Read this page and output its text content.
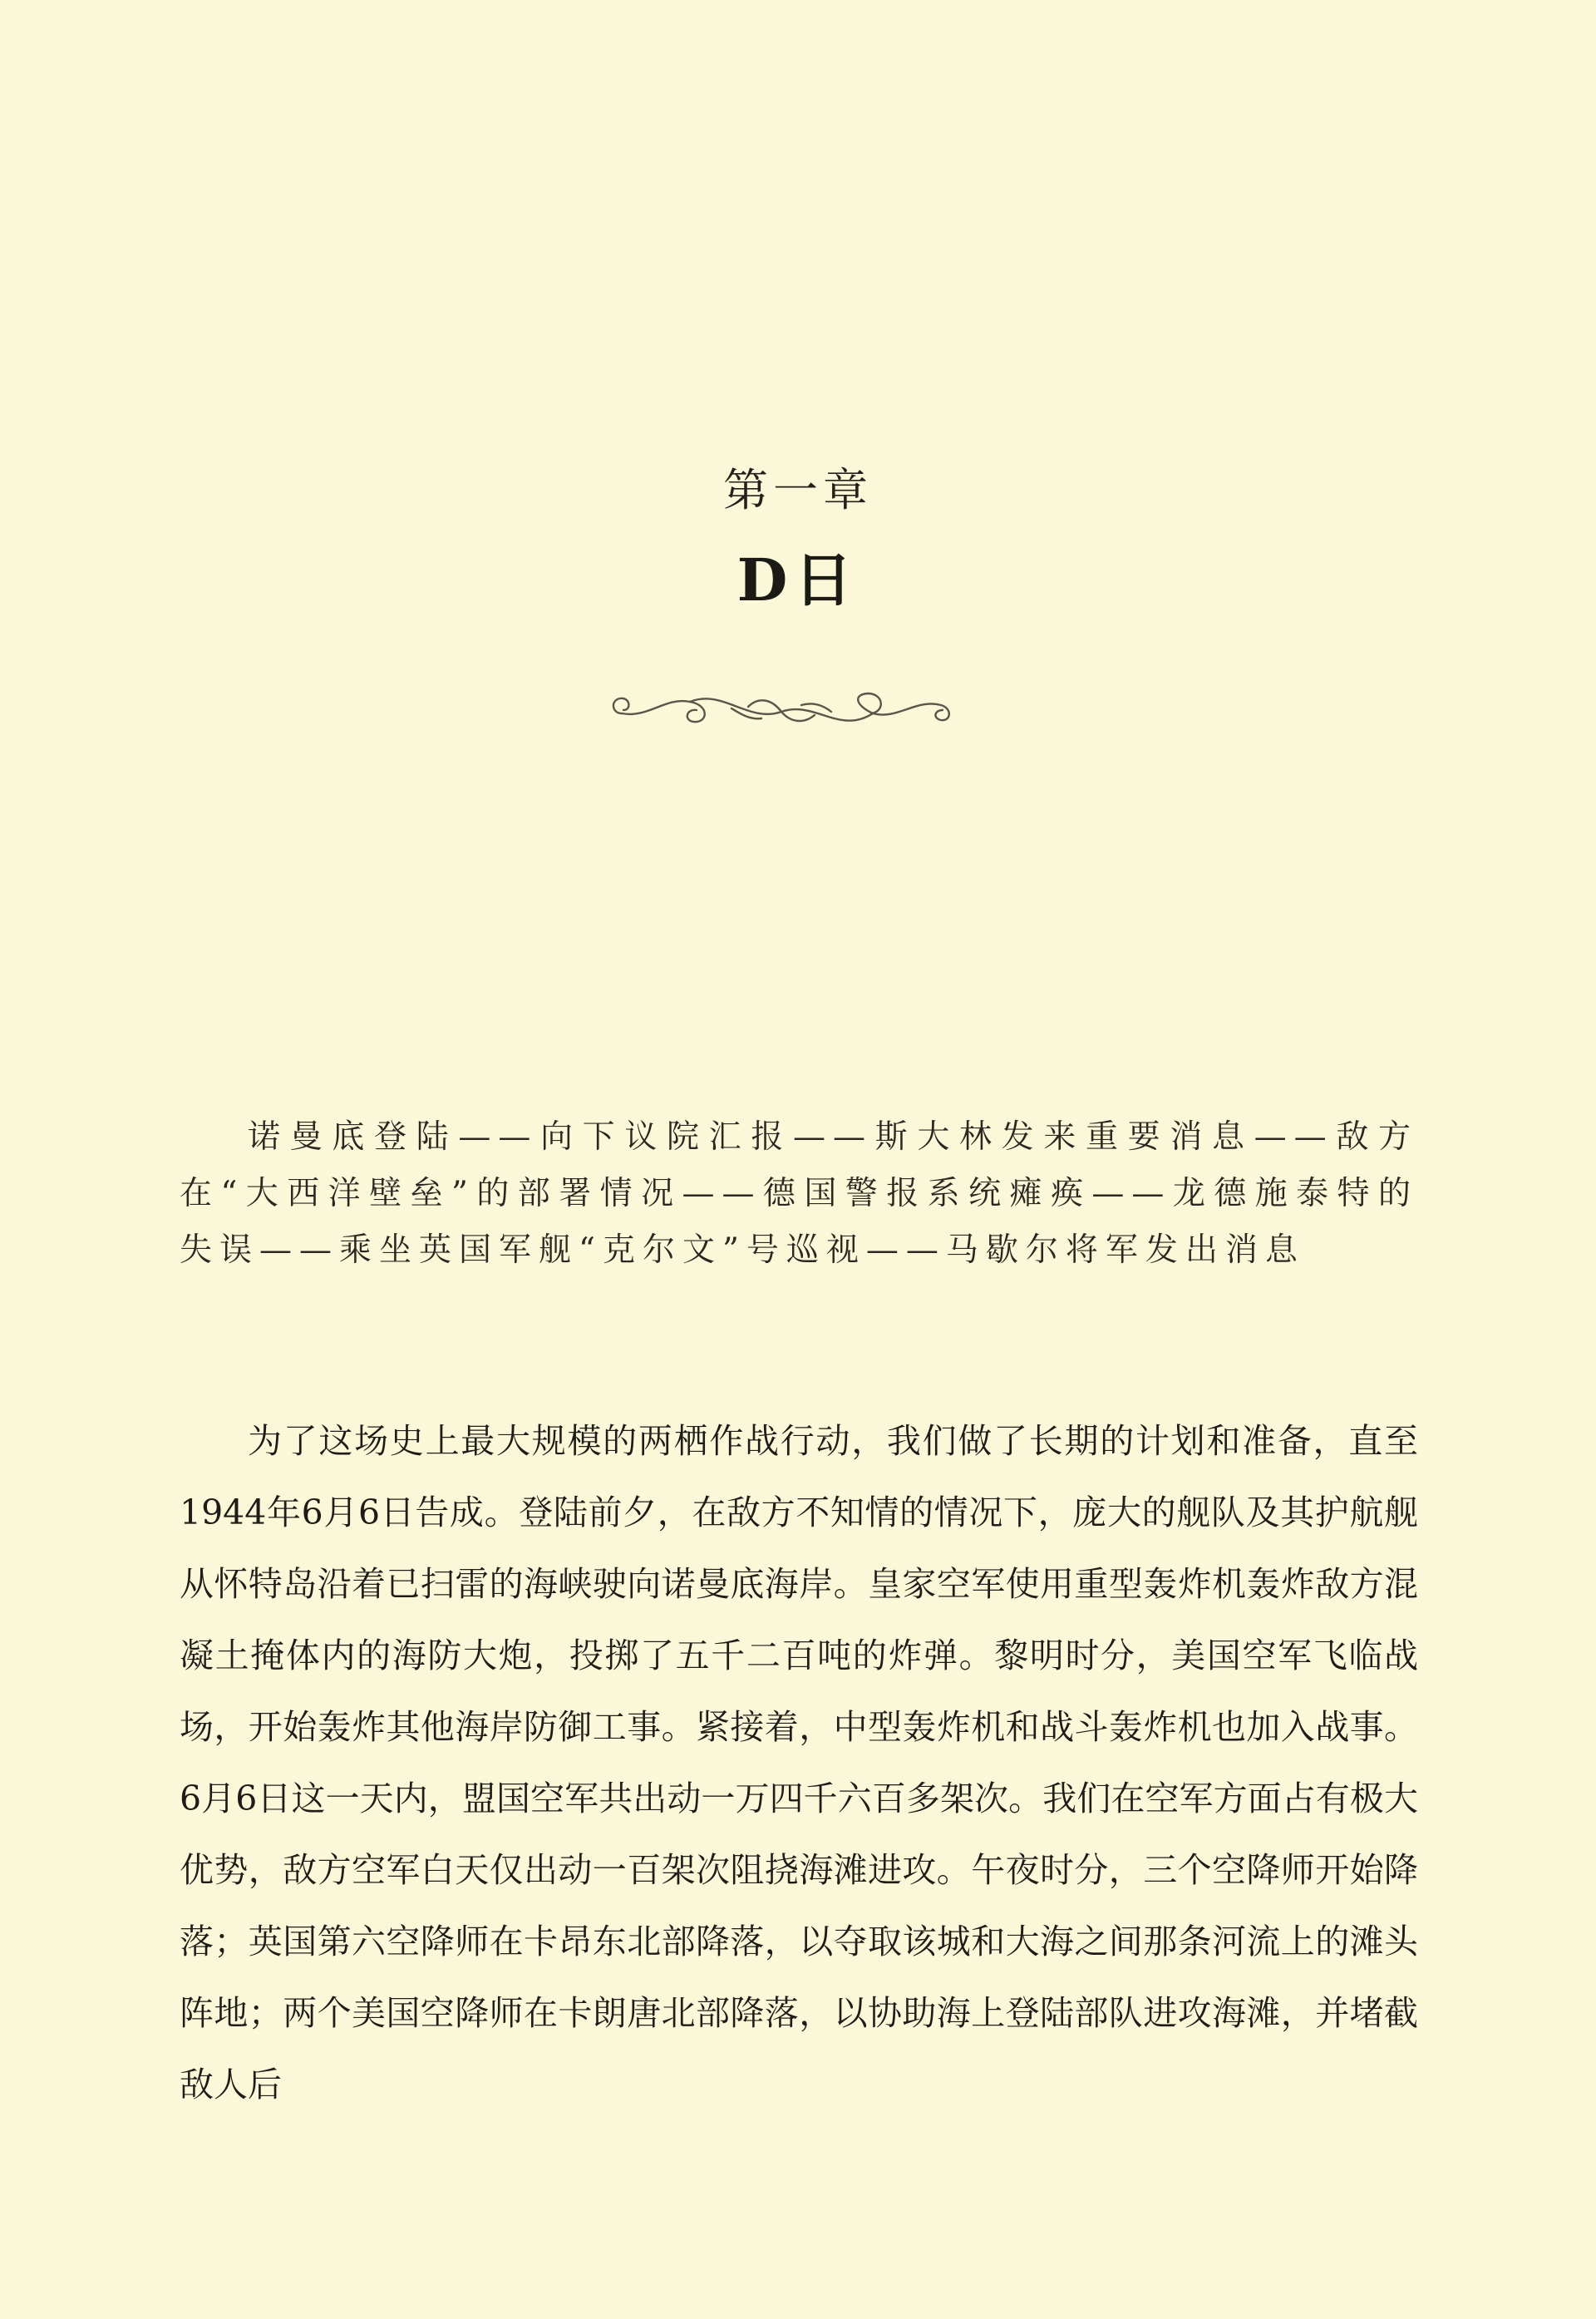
第一章
D日

诺曼底登陆——向下议院汇报——斯大林发来重要消息——敌方在“大西洋壁垒”的部署情况——德国警报系统瘫痪——龙德施泰特的失误——乘坐英国军舰“克尔文”号巡视——马歇尔将军发出消息

为了这场史上最大规模的两栖作战行动，我们做了长期的计划和准备，直至1944年6月6日告成。登陆前夕，在敌方不知情的情况下，庞大的舰队及其护航舰从怀特岛沿着已扫雷的海峡驶向诺曼底海岸。皇家空军使用重型轰炸机轰炸敌方混凝土掩体内的海防大炮，投掷了五千二百吨的炸弹。黎明时分，美国空军飞临战场，开始轰炸其他海岸防御工事。紧接着，中型轰炸机和战斗轰炸机也加入战事。6月6日这一天内，盟国空军共出动一万四千六百多架次。我们在空军方面占有极大优势，敌方空军白天仅出动一百架次阻挠海滩进攻。午夜时分，三个空降师开始降落；英国第六空降师在卡昂东北部降落，以夺取该城和大海之间那条河流上的滩头阵地；两个美国空降师在卡朗唐北部降落，以协助海上登陆部队进攻海滩，并堵截敌人后
